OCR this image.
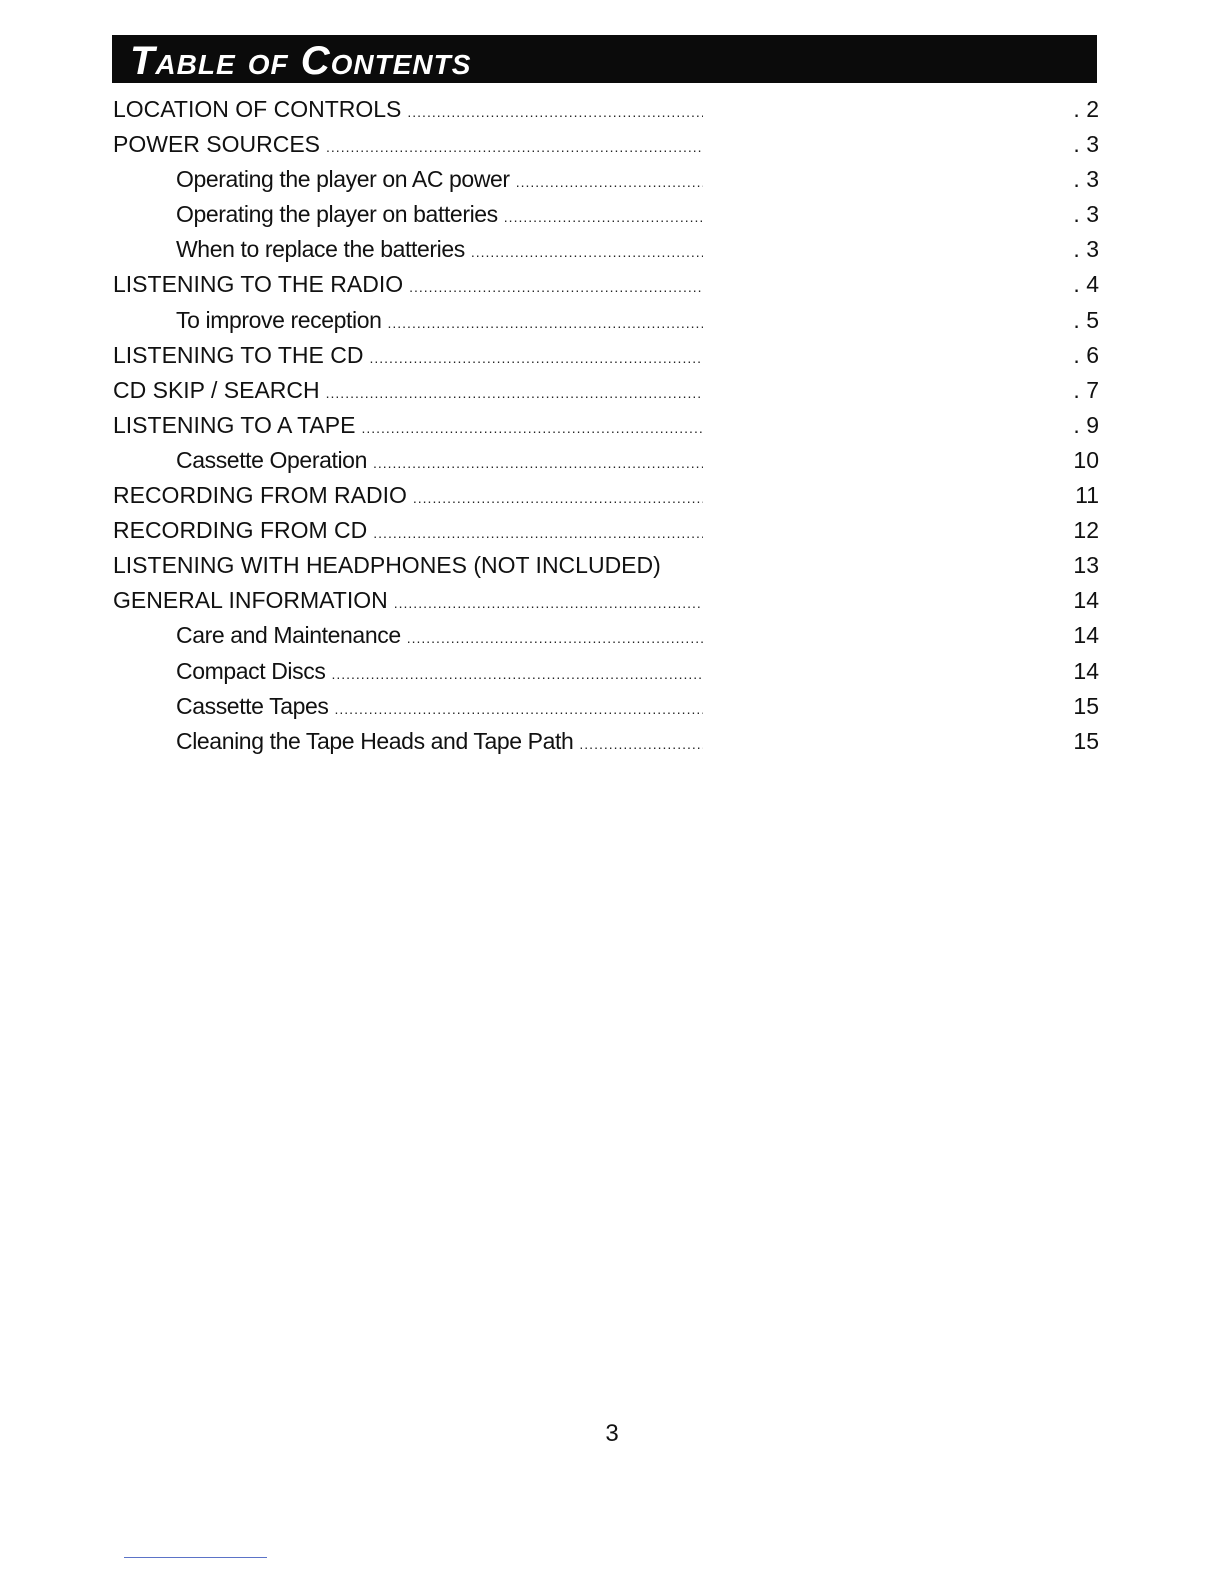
Table of Contents
LOCATION OF CONTROLS .....	. 2
POWER SOURCES .....	. 3
Operating the player on AC power .....	. 3
Operating the player on batteries .....	. 3
When to replace the batteries .....	. 3
LISTENING TO THE RADIO .....	. 4
To improve reception .....	. 5
LISTENING TO THE CD .....	. 6
CD SKIP / SEARCH .....	. 7
LISTENING TO A TAPE .....	. 9
Cassette Operation .....	10
RECORDING FROM RADIO .....	11
RECORDING FROM CD .....	12
LISTENING WITH HEADPHONES (NOT INCLUDED)	13
GENERAL INFORMATION .....	14
Care and Maintenance .....	14
Compact Discs .....	14
Cassette Tapes .....	15
Cleaning the Tape Heads and Tape Path .....	15
3
